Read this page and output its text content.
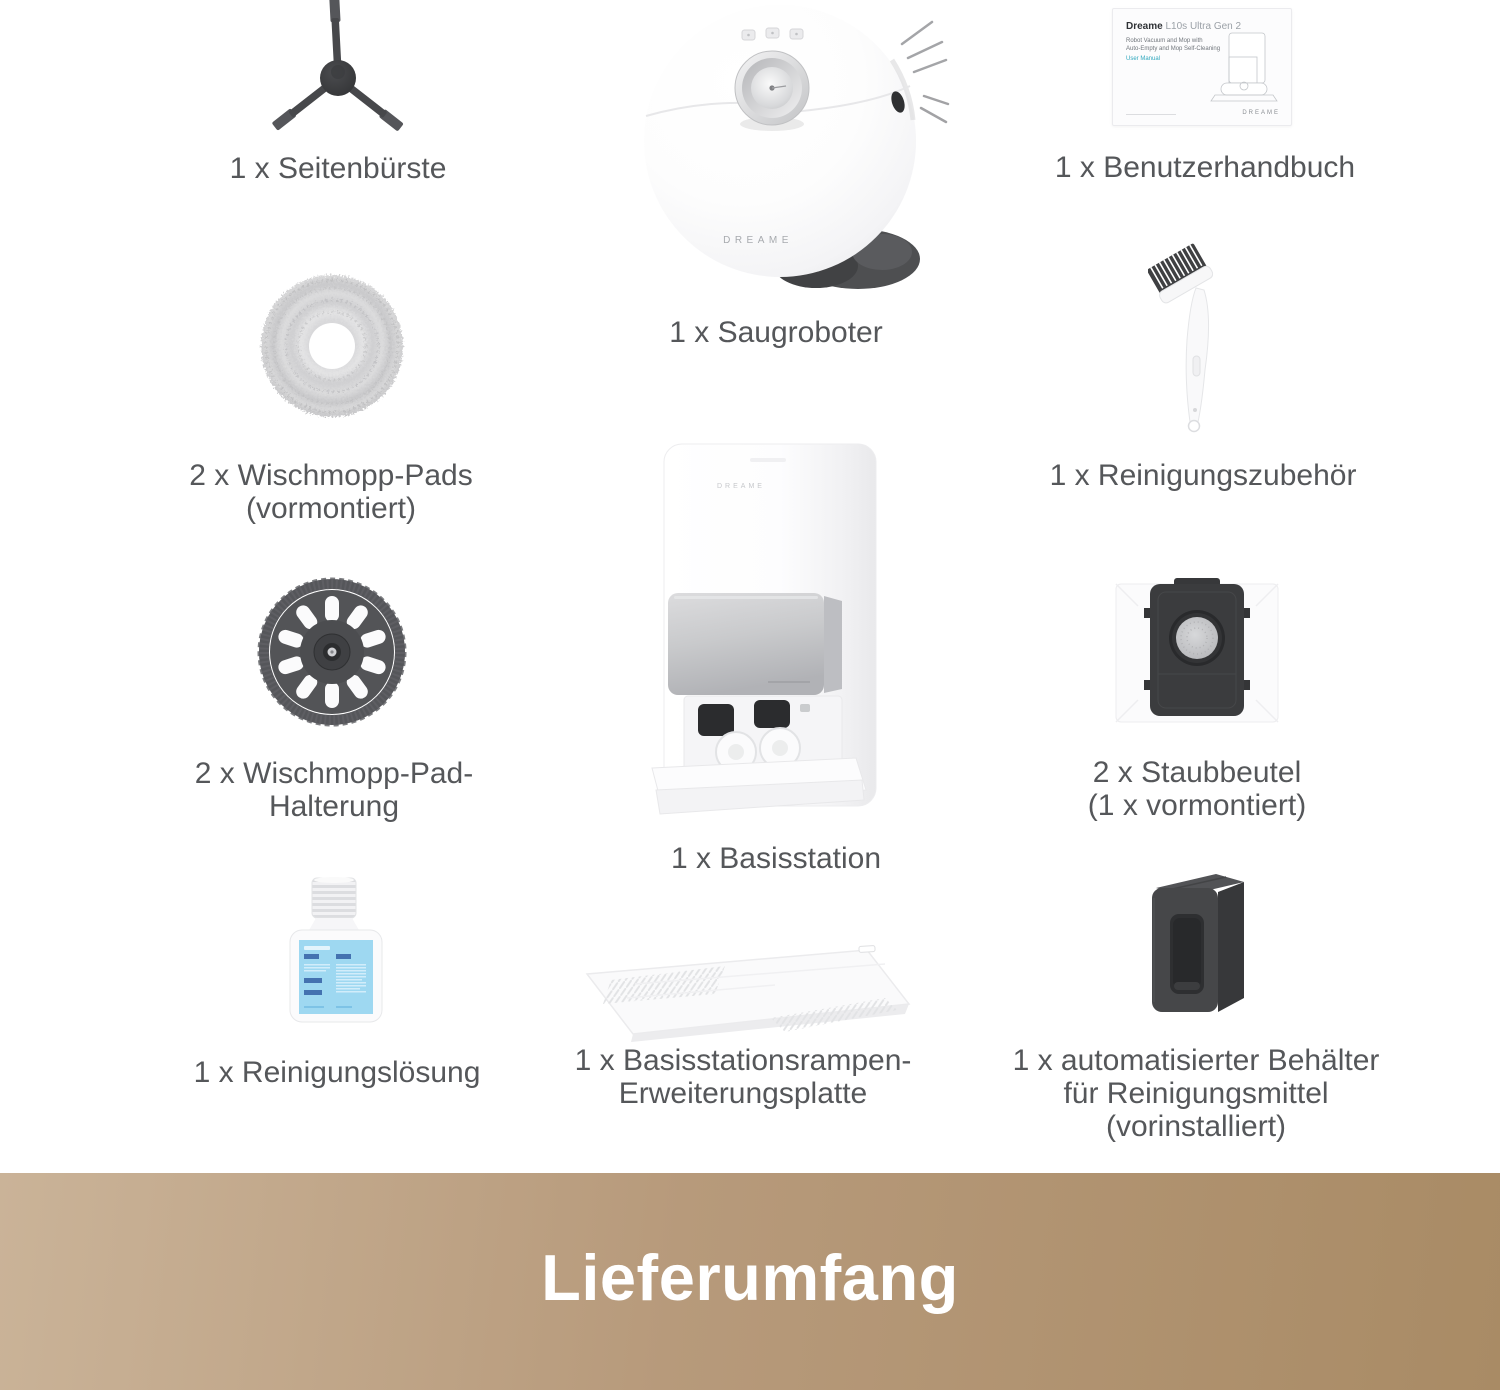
1 x Seitenbürste
DREAME
1 x Saugroboter
Dreame L10s Ultra Gen 2
Robot Vacuum and Mop with
Auto-Empty and Mop Self-Cleaning
User Manual
DREAME
1 x Benutzerhandbuch
2 x Wischmopp-Pads
(vormontiert)
1 x Reinigungszubehör
2 x Wischmopp-Pad-
Halterung
DREAME
1 x Basisstation
2 x Staubbeutel
(1 x vormontiert)
1 x Reinigungslösung	1 x Basisstationsrampen-
Erweiterungsplatte
1 x automatisierter Behälter
für Reinigungsmittel
(vorinstalliert)
Lieferumfang
